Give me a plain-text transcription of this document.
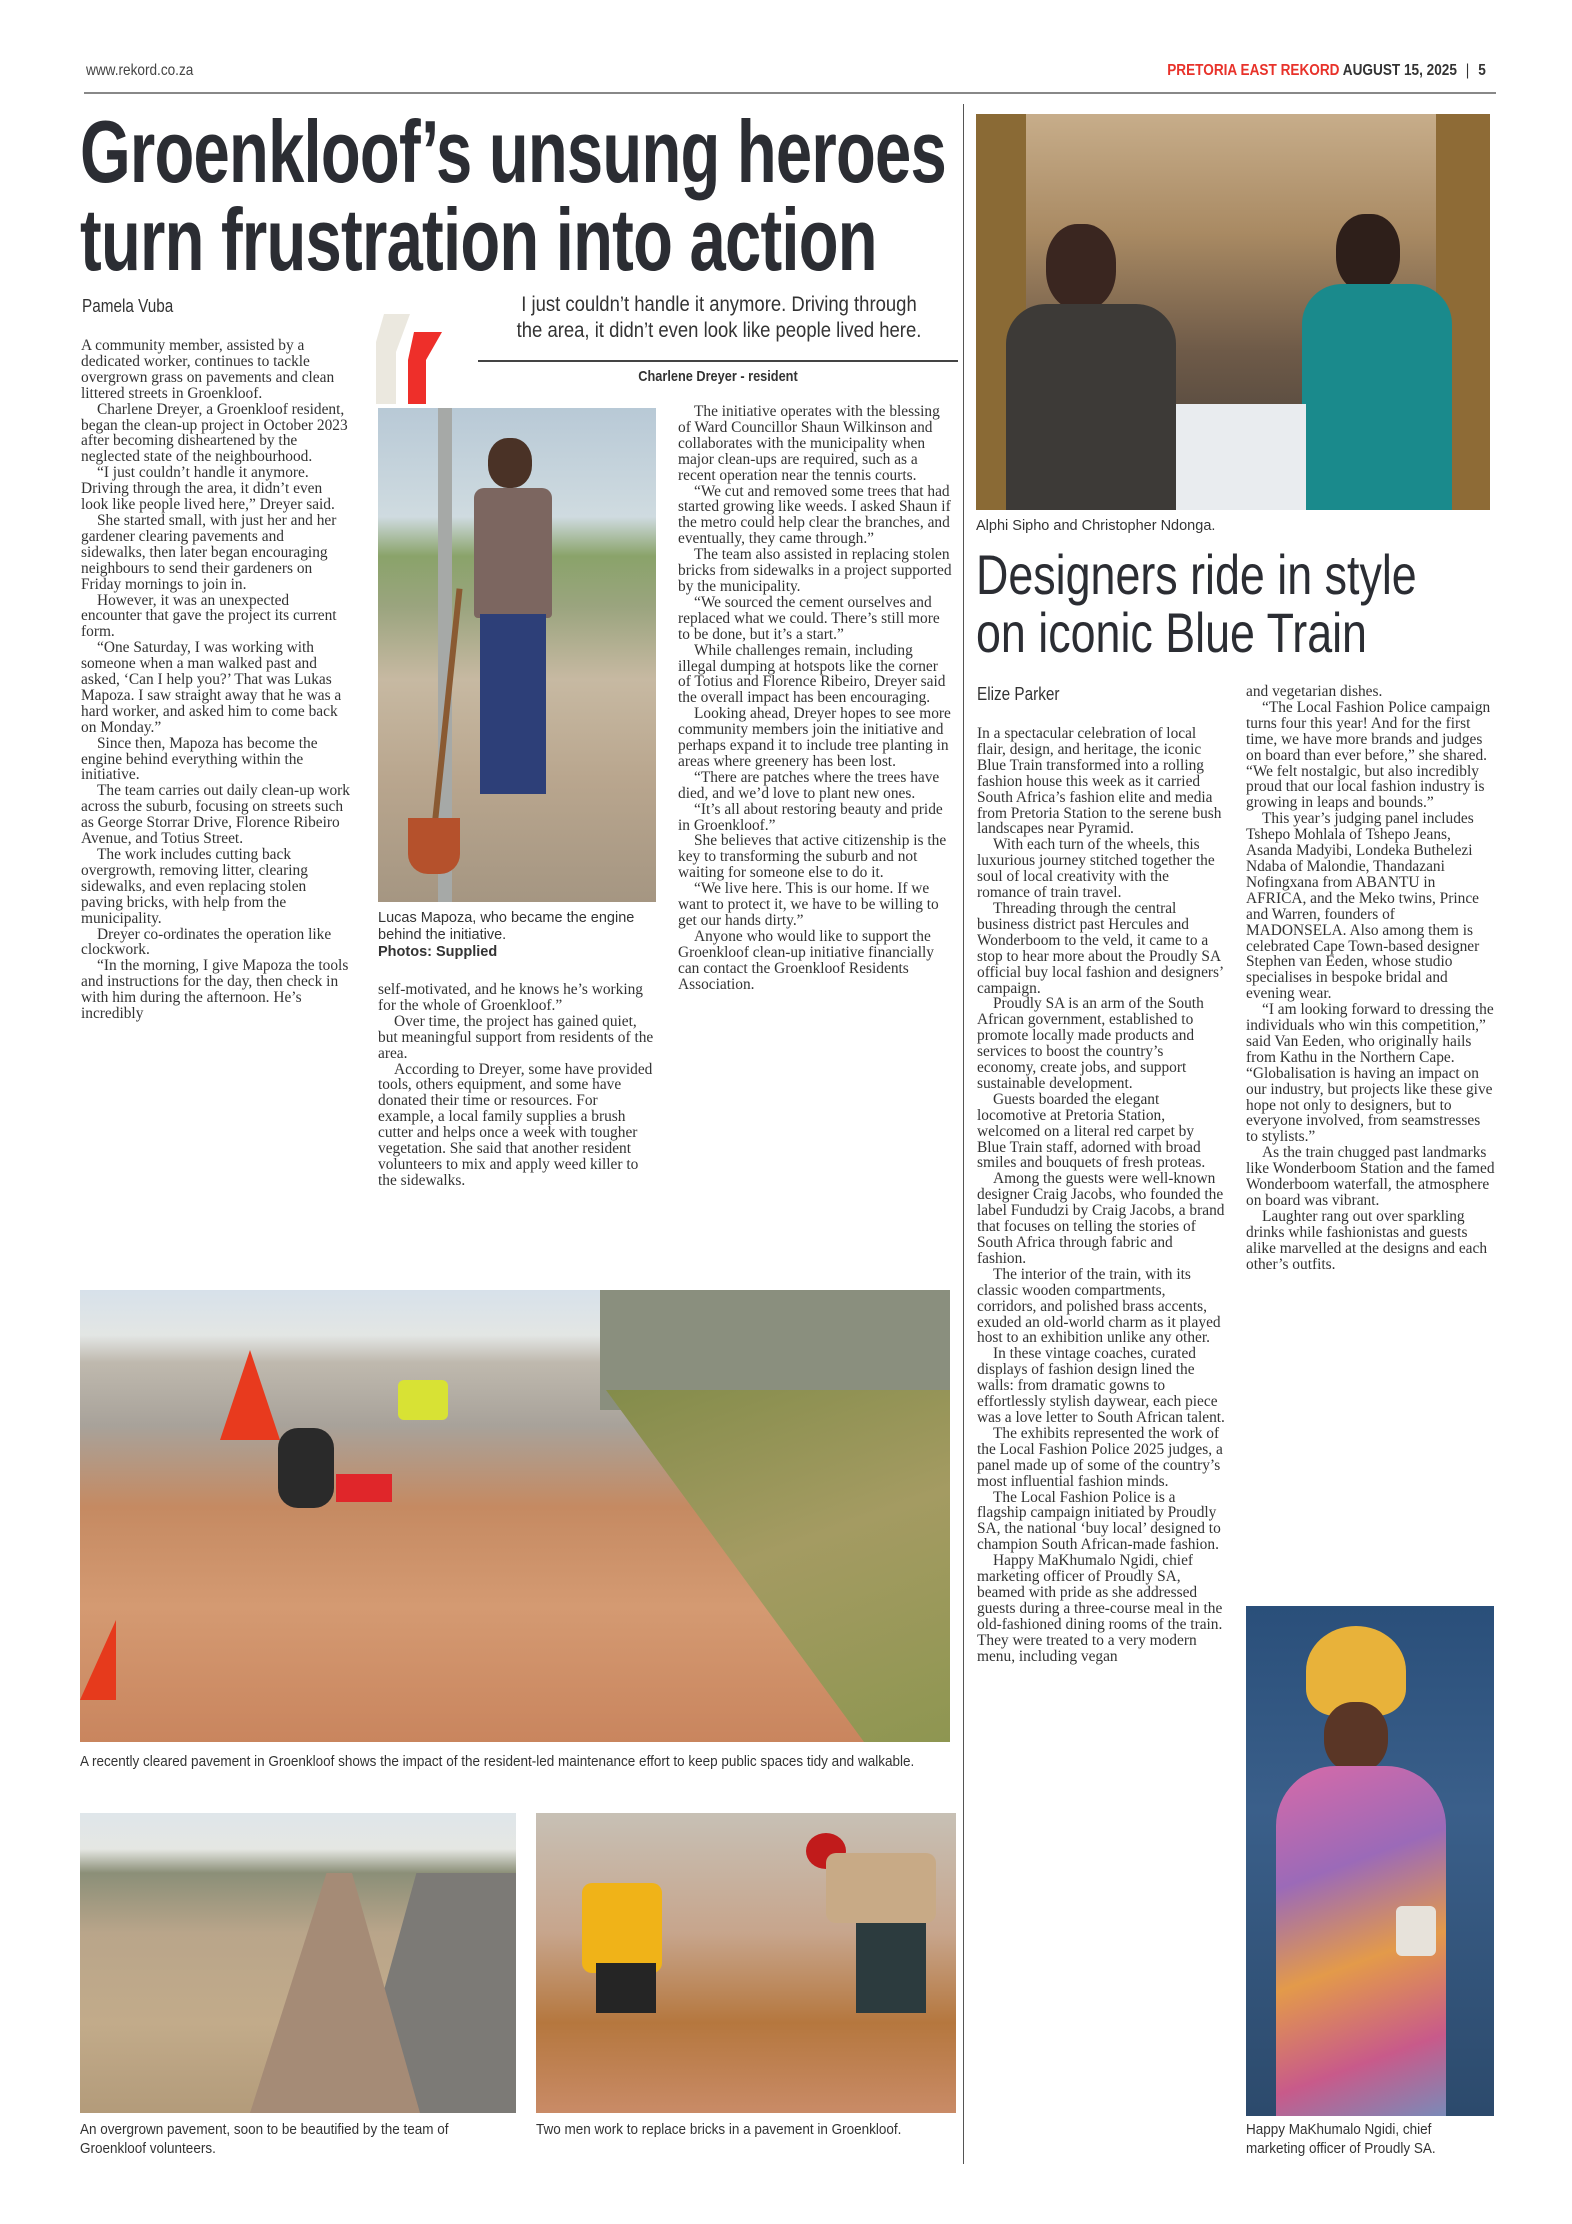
www.rekord.co.za	PRETORIA EAST REKORD AUGUST 15, 2025 | 5
Groenkloof’s unsung heroes
turn frustration into action
Pamela Vuba	I just couldn’t handle it anymore. Driving through the area, it didn’t even look like people lived here.
Charlene Dreyer - resident

A community member, assisted by a dedicated worker, continues to tackle overgrown grass on pavements and clean littered streets in Groenkloof.

Charlene Dreyer, a Groenkloof resident, began the clean-up project in October 2023 after becoming disheartened by the neglected state of the neighbourhood.

“I just couldn’t handle it anymore. Driving through the area, it didn’t even look like people lived here,” Dreyer said.

She started small, with just her and her gardener clearing pavements and sidewalks, then later began encouraging neighbours to send their gardeners on Friday mornings to join in.

However, it was an unexpected encounter that gave the project its current form.

“One Saturday, I was working with someone when a man walked past and asked, ‘Can I help you?’ That was Lukas Mapoza. I saw straight away that he was a hard worker, and asked him to come back on Monday.”

Since then, Mapoza has become the engine behind everything within the initiative.

The team carries out daily clean-up work across the suburb, focusing on streets such as George Storrar Drive, Florence Ribeiro Avenue, and Totius Street.

The work includes cutting back overgrowth, removing litter, clearing sidewalks, and even replacing stolen paving bricks, with help from the municipality.

Dreyer co-ordinates the operation like clockwork.

“In the morning, I give Mapoza the tools and instructions for the day, then check in with him during the afternoon. He’s incredibly

Lucas Mapoza, who became the engine behind the initiative.
Photos: Supplied

self-motivated, and he knows he’s working for the whole of Groenkloof.”

Over time, the project has gained quiet, but meaningful support from residents of the area.

According to Dreyer, some have provided tools, others equipment, and some have donated their time or resources. For example, a local family supplies a brush cutter and helps once a week with tougher vegetation. She said that another resident volunteers to mix and apply weed killer to the sidewalks.

The initiative operates with the blessing of Ward Councillor Shaun Wilkinson and collaborates with the municipality when major clean-ups are required, such as a recent operation near the tennis courts.

“We cut and removed some trees that had started growing like weeds. I asked Shaun if the metro could help clear the branches, and eventually, they came through.”

The team also assisted in replacing stolen bricks from sidewalks in a project supported by the municipality.

“We sourced the cement ourselves and replaced what we could. There’s still more to be done, but it’s a start.”

While challenges remain, including illegal dumping at hotspots like the corner of Totius and Florence Ribeiro, Dreyer said the overall impact has been encouraging.

Looking ahead, Dreyer hopes to see more community members join the initiative and perhaps expand it to include tree planting in areas where greenery has been lost.

“There are patches where the trees have died, and we’d love to plant new ones.

“It’s all about restoring beauty and pride in Groenkloof.”

She believes that active citizenship is the key to transforming the suburb and not waiting for someone else to do it.

“We live here. This is our home. If we want to protect it, we have to be willing to get our hands dirty.”

Anyone who would like to support the Groenkloof clean-up initiative financially can contact the Groenkloof Residents Association.

A recently cleared pavement in Groenkloof shows the impact of the resident-led maintenance effort to keep public spaces tidy and walkable.
An overgrown pavement, soon to be beautified by the team of Groenkloof volunteers.
Two men work to replace bricks in a pavement in Groenkloof.
Alphi Sipho and Christopher Ndonga.
Designers ride in style
on iconic Blue Train
Elize Parker

In a spectacular celebration of local flair, design, and heritage, the iconic Blue Train transformed into a rolling fashion house this week as it carried South Africa’s fashion elite and media from Pretoria Station to the serene bush landscapes near Pyramid.

With each turn of the wheels, this luxurious journey stitched together the soul of local creativity with the romance of train travel.

Threading through the central business district past Hercules and Wonderboom to the veld, it came to a stop to hear more about the Proudly SA official buy local fashion and designers’ campaign.

Proudly SA is an arm of the South African government, established to promote locally made products and services to boost the country’s economy, create jobs, and support sustainable development.

Guests boarded the elegant locomotive at Pretoria Station, welcomed on a literal red carpet by Blue Train staff, adorned with broad smiles and bouquets of fresh proteas.

Among the guests were well-known designer Craig Jacobs, who founded the label Fundudzi by Craig Jacobs, a brand that focuses on telling the stories of South Africa through fabric and fashion.

The interior of the train, with its classic wooden compartments, corridors, and polished brass accents, exuded an old-world charm as it played host to an exhibition unlike any other.

In these vintage coaches, curated displays of fashion design lined the walls: from dramatic gowns to effortlessly stylish daywear, each piece was a love letter to South African talent.

The exhibits represented the work of the Local Fashion Police 2025 judges, a panel made up of some of the country’s most influential fashion minds.

The Local Fashion Police is a flagship campaign initiated by Proudly SA, the national ‘buy local’ designed to champion South African-made fashion.

Happy MaKhumalo Ngidi, chief marketing officer of Proudly SA, beamed with pride as she addressed guests during a three-course meal in the old-fashioned dining rooms of the train. They were treated to a very modern menu, including vegan

and vegetarian dishes.

“The Local Fashion Police campaign turns four this year! And for the first time, we have more brands and judges on board than ever before,” she shared. “We felt nostalgic, but also incredibly proud that our local fashion industry is growing in leaps and bounds.”

This year’s judging panel includes Tshepo Mohlala of Tshepo Jeans, Asanda Madyibi, Londeka Buthelezi Ndaba of Malondie, Thandazani Nofingxana from ABANTU in AFRICA, and the Meko twins, Prince and Warren, founders of MADONSELA. Also among them is celebrated Cape Town-based designer Stephen van Eeden, whose studio specialises in bespoke bridal and evening wear.

“I am looking forward to dressing the individuals who win this competition,” said Van Eeden, who originally hails from Kathu in the Northern Cape. “Globalisation is having an impact on our industry, but projects like these give hope not only to designers, but to everyone involved, from seamstresses to stylists.”

As the train chugged past landmarks like Wonderboom Station and the famed Wonderboom waterfall, the atmosphere on board was vibrant.

Laughter rang out over sparkling drinks while fashionistas and guests alike marvelled at the designs and each other’s outfits.

Happy MaKhumalo Ngidi, chief marketing officer of Proudly SA.
